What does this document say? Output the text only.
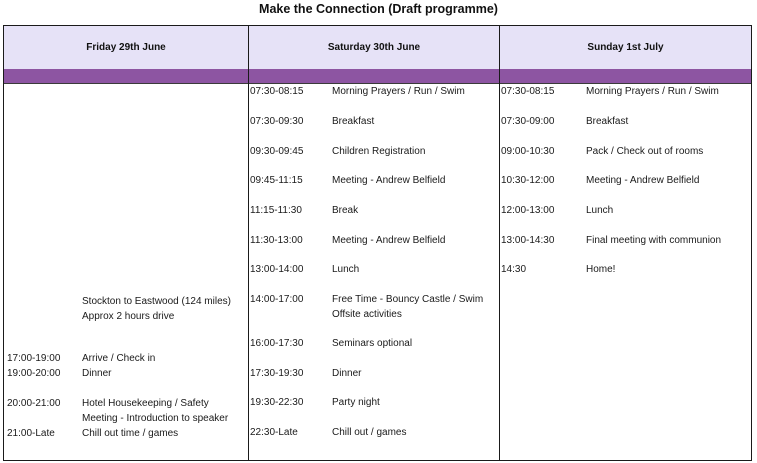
Make the Connection (Draft programme)
Friday 29th June	Saturday 30th June	Sunday 1st July
Stockton to Eastwood (124 miles)
Approx 2 hours drive
17:00-19:00 Arrive / Check in
19:00-20:00 Dinner
20:00-21:00 Hotel Housekeeping / Safety
Meeting - Introduction to speaker
21:00-Late	Chill out time / games
07:30-08:15	Morning Prayers / Run / Swim
07:30-09:30	Breakfast
09:30-09:45	Children Registration
09:45-11:15	Meeting - Andrew Belfield
11:15-11:30	Break
11:30-13:00	Meeting - Andrew Belfield
13:00-14:00	Lunch
14:00-17:00	Free Time - Bouncy Castle / Swim
Offsite activities
16:00-17:30	Seminars optional
17:30-19:30	Dinner
19:30-22:30	Party night
22:30-Late	Chill out / games
07:30-08:15	Morning Prayers / Run / Swim
07:30-09:00	Breakfast
09:00-10:30	Pack / Check out of rooms
10:30-12:00	Meeting - Andrew Belfield
12:00-13:00	Lunch
13:00-14:30	Final meeting with communion
14:30	Home!
